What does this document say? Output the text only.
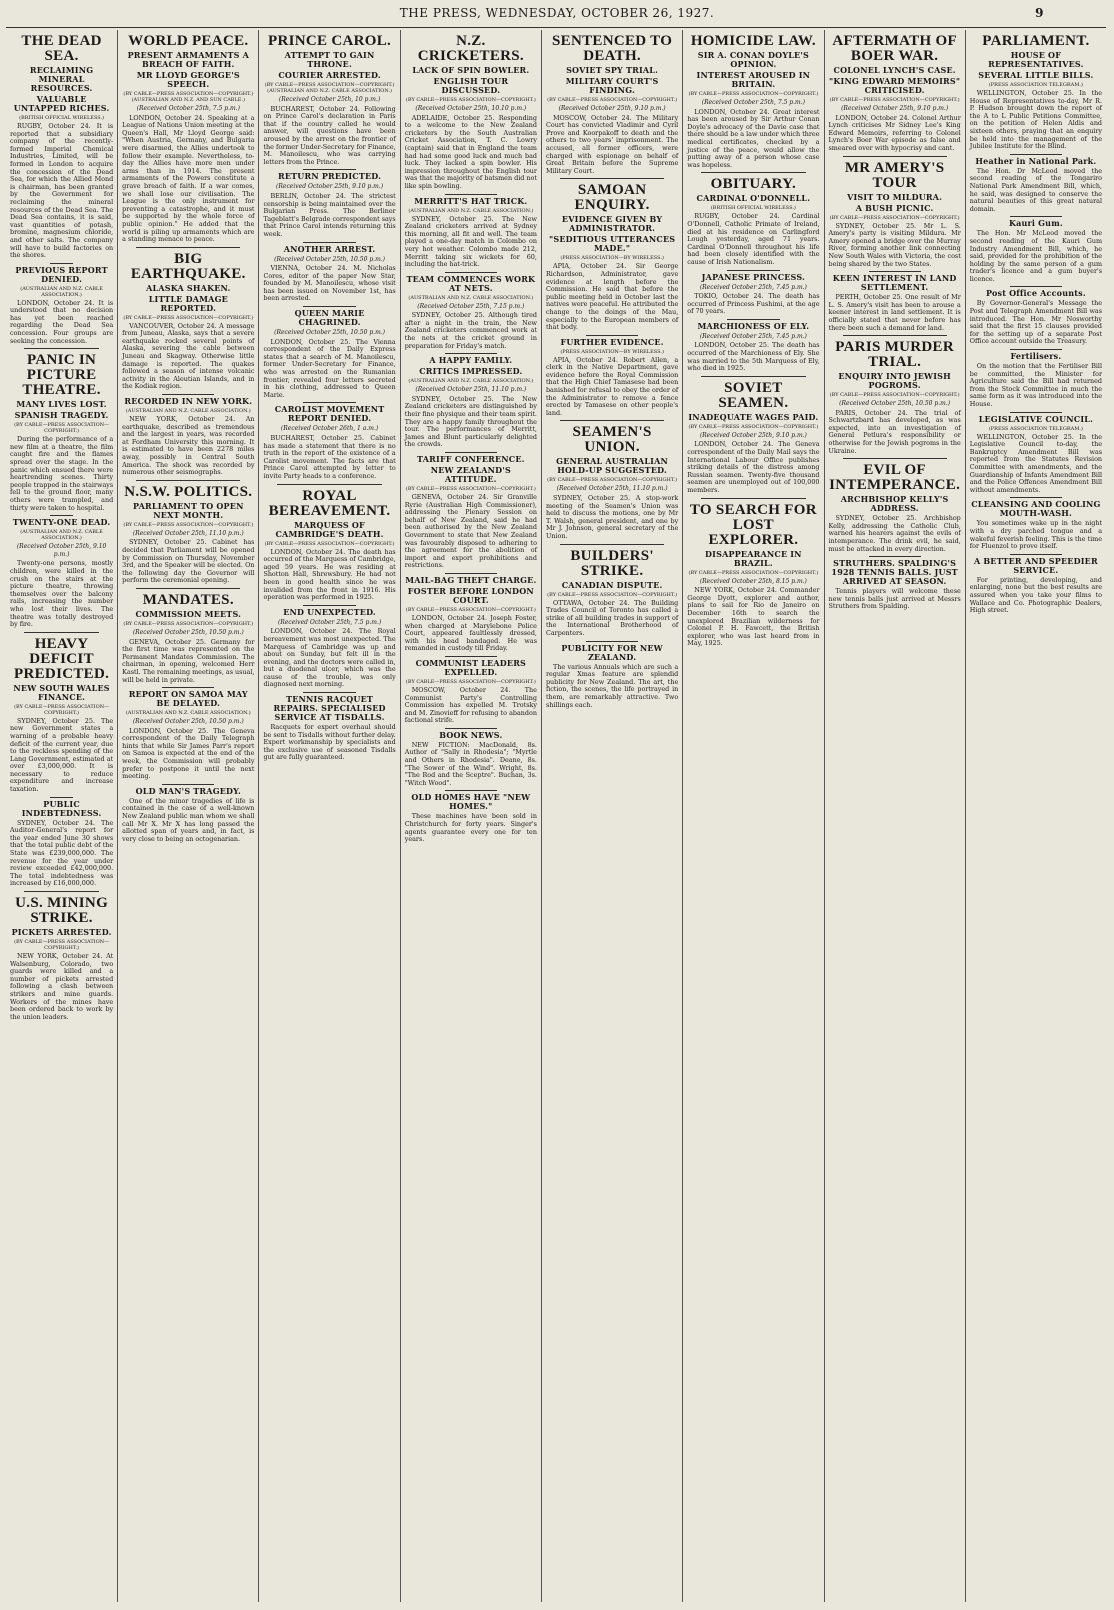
THE PRESS, WEDNESDAY, OCTOBER 26, 1927.	9
THE DEAD SEA.
RECLAIMING MINERAL RESOURCES.
VALUABLE UNTAPPED RICHES.
(BRITISH OFFICIAL WIRELESS.)

RUGBY, October 24. It is reported that a subsidiary company of the recently-formed Imperial Chemical Industries, Limited, will be formed in London to acquire the concession of the Dead Sea, for which the Allied Mond is chairman, has been granted by the Government for reclaiming the mineral resources of the Dead Sea. The Dead Sea contains, it is said, vast quantities of potash, bromine, magnesium chloride, and other salts. The company will have to build factories on the shores.

PREVIOUS REPORT DENIED.
(AUSTRALIAN AND N.Z. CABLE ASSOCIATION.)

LONDON, October 24. It is understood that no decision has yet been reached regarding the Dead Sea concession. Four groups are seeking the concession.

PANIC IN PICTURE THEATRE.
MANY LIVES LOST.
SPANISH TRAGEDY.
(BY CABLE—PRESS ASSOCIATION—COPYRIGHT.)

During the performance of a new film at a theatre, the film caught fire and the flames spread over the stage. In the panic which ensued there were heartrending scenes. Thirty people trapped in the stairways fell to the ground floor, many others were trampled, and thirty were taken to hospital.

TWENTY-ONE DEAD.
(AUSTRALIAN AND N.Z. CABLE ASSOCIATION.)
(Received October 25th, 9.10 p.m.)

Twenty-one persons, mostly children, were killed in the crush on the stairs at the picture theatre, throwing themselves over the balcony rails, increasing the number who lost their lives. The theatre was totally destroyed by fire.

HEAVY DEFICIT PREDICTED.
NEW SOUTH WALES FINANCE.
(BY CABLE—PRESS ASSOCIATION—COPYRIGHT.)

SYDNEY, October 25. The new Government states a warning of a probable heavy deficit of the current year, due to the reckless spending of the Lang Government, estimated at over £3,000,000. It is necessary to reduce expenditure and increase taxation.

PUBLIC INDEBTEDNESS.

SYDNEY, October 24. The Auditor-General's report for the year ended June 30 shows that the total public debt of the State was £239,000,000. The revenue for the year under review exceeded £42,000,000. The total indebtedness was increased by £16,000,000.

U.S. MINING STRIKE.
PICKETS ARRESTED.
(BY CABLE—PRESS ASSOCIATION—COPYRIGHT.)

NEW YORK, October 24. At Walsenburg, Colorado, two guards were killed and a number of pickets arrested following a clash between strikers and mine guards. Workers of the mines have been ordered back to work by the union leaders.

WORLD PEACE.
PRESENT ARMAMENTS A BREACH OF FAITH.
MR LLOYD GEORGE'S SPEECH.
(BY CABLE—PRESS ASSOCIATION—COPYRIGHT.) (AUSTRALIAN AND N.Z. AND SUN CABLE.)
(Received October 25th, 7.5 p.m.)

LONDON, October 24. Speaking at a League of Nations Union meeting at the Queen's Hall, Mr Lloyd George said: "When Austria, Germany, and Bulgaria were disarmed, the Allies undertook to follow their example. Nevertheless, to-day the Allies have more men under arms than in 1914. The present armaments of the Powers constitute a grave breach of faith. If a war comes, we shall lose our civilisation. The League is the only instrument for preventing a catastrophe, and it must be supported by the whole force of public opinion." He added that the world is piling up armaments which are a standing menace to peace.

BIG EARTHQUAKE.
ALASKA SHAKEN.
LITTLE DAMAGE REPORTED.
(BY CABLE—PRESS ASSOCIATION—COPYRIGHT.)

VANCOUVER, October 24. A message from Juneau, Alaska, says that a severe earthquake rocked several points of Alaska, severing the cable between Juneau and Skagway. Otherwise little damage is reported. The quakes followed a season of intense volcanic activity in the Aleutian Islands, and in the Kodiak region.

RECORDED IN NEW YORK.
(AUSTRALIAN AND N.Z. CABLE ASSOCIATION.)

NEW YORK, October 24. An earthquake, described as tremendous and the largest in years, was recorded at Fordham University this morning. It is estimated to have been 2278 miles away, possibly in Central South America. The shock was recorded by numerous other seismographs.

N.S.W. POLITICS.
PARLIAMENT TO OPEN NEXT MONTH.
(BY CABLE—PRESS ASSOCIATION—COPYRIGHT.)
(Received October 25th, 11.10 p.m.)

SYDNEY, October 25. Cabinet has decided that Parliament will be opened by Commission on Thursday, November 3rd, and the Speaker will be elected. On the following day the Governor will perform the ceremonial opening.

MANDATES.
COMMISSION MEETS.
(BY CABLE—PRESS ASSOCIATION—COPYRIGHT.)
(Received October 25th, 10.50 p.m.)

GENEVA, October 25. Germany for the first time was represented on the Permanent Mandates Commission. The chairman, in opening, welcomed Herr Kastl. The remaining meetings, as usual, will be held in private.

REPORT ON SAMOA MAY BE DELAYED.
(AUSTRALIAN AND N.Z. CABLE ASSOCIATION.)
(Received October 25th, 10.50 p.m.)

LONDON, October 25. The Geneva correspondent of the Daily Telegraph hints that while Sir James Parr's report on Samoa is expected at the end of the week, the Commission will probably prefer to postpone it until the next meeting.

OLD MAN'S TRAGEDY.

One of the minor tragedies of life is contained in the case of a well-known New Zealand public man whom we shall call Mr X. Mr X has long passed the allotted span of years and, in fact, is very close to being an octogenarian.

PRINCE CAROL.
ATTEMPT TO GAIN THRONE.
COURIER ARRESTED.
(BY CABLE—PRESS ASSOCIATION—COPYRIGHT.) (AUSTRALIAN AND N.Z. CABLE ASSOCIATION.)
(Received October 25th, 10 p.m.)

BUCHAREST, October 24. Following on Prince Carol's declaration in Paris that if the country called he would answer, will questions have been aroused by the arrest on the frontier of the former Under-Secretary for Finance, M. Manoilescu, who was carrying letters from the Prince.

RETURN PREDICTED.
(Received October 25th, 9.10 p.m.)

BERLIN, October 24. The strictest censorship is being maintained over the Bulgarian Press. The Berliner Tageblatt's Belgrade correspondent says that Prince Carol intends returning this week.

ANOTHER ARREST.
(Received October 25th, 10.50 p.m.)

VIENNA, October 24. M. Nicholas Cores, editor of the paper New Star, founded by M. Manoilescu, whose visit has been issued on November 1st, has been arrested.

QUEEN MARIE CHAGRINED.
(Received October 25th, 10.50 p.m.)

LONDON, October 25. The Vienna correspondent of the Daily Express states that a search of M. Manoilescu, former Under-Secretary for Finance, who was arrested on the Rumanian frontier, revealed four letters secreted in his clothing, addressed to Queen Marie.

CAROLIST MOVEMENT REPORT DENIED.
(Received October 26th, 1 a.m.)

BUCHAREST, October 25. Cabinet has made a statement that there is no truth in the report of the existence of a Carolist movement. The facts are that Prince Carol attempted by letter to invite Party heads to a conference.

ROYAL BEREAVEMENT.
MARQUESS OF CAMBRIDGE'S DEATH.
(BY CABLE—PRESS ASSOCIATION—COPYRIGHT.)

LONDON, October 24. The death has occurred of the Marquess of Cambridge, aged 59 years. He was residing at Shotton Hall, Shrewsbury. He had not been in good health since he was invalided from the front in 1916. His operation was performed in 1925.

END UNEXPECTED.
(Received October 25th, 7.5 p.m.)

LONDON, October 24. The Royal bereavement was most unexpected. The Marquess of Cambridge was up and about on Sunday, but felt ill in the evening, and the doctors were called in, but a duodenal ulcer, which was the cause of the trouble, was only diagnosed next morning.

TENNIS RACQUET REPAIRS. SPECIALISED SERVICE AT TISDALLS.

Racquets for expert overhaul should be sent to Tisdalls without further delay. Expert workmanship by specialists and the exclusive use of seasoned Tisdalls gut are fully guaranteed.

N.Z. CRICKETERS.
LACK OF SPIN BOWLER.
ENGLISH TOUR DISCUSSED.
(BY CABLE—PRESS ASSOCIATION—COPYRIGHT.)
(Received October 25th, 10.10 p.m.)

ADELAIDE, October 25. Responding to a welcome to the New Zealand cricketers by the South Australian Cricket Association, T. C. Lowry (captain) said that in England the team had had some good luck and much bad luck. They lacked a spin bowler. His impression throughout the English tour was that the majority of batsmen did not like spin bowling.

MERRITT'S HAT TRICK.
(AUSTRALIAN AND N.Z. CABLE ASSOCIATION.)

SYDNEY, October 25. The New Zealand cricketers arrived at Sydney this morning, all fit and well. The team played a one-day match in Colombo on very hot weather. Colombo made 212, Merritt taking six wickets for 60, including the hat-trick.

TEAM COMMENCES WORK AT NETS.
(AUSTRALIAN AND N.Z. CABLE ASSOCIATION.)
(Received October 25th, 7.15 p.m.)

SYDNEY, October 25. Although tired after a night in the train, the New Zealand cricketers commenced work at the nets at the cricket ground in preparation for Friday's match.

A HAPPY FAMILY.
CRITICS IMPRESSED.
(AUSTRALIAN AND N.Z. CABLE ASSOCIATION.)
(Received October 25th, 11.10 p.m.)

SYDNEY, October 25. The New Zealand cricketers are distinguished by their fine physique and their team spirit. They are a happy family throughout the tour. The performances of Merritt, James and Blunt particularly delighted the crowds.

TARIFF CONFERENCE.
NEW ZEALAND'S ATTITUDE.
(BY CABLE—PRESS ASSOCIATION—COPYRIGHT.)

GENEVA, October 24. Sir Granville Ryrie (Australian High Commissioner), addressing the Plenary Session on behalf of New Zealand, said he had been authorised by the New Zealand Government to state that New Zealand was favourably disposed to adhering to the agreement for the abolition of import and export prohibitions and restrictions.

MAIL-BAG THEFT CHARGE.
FOSTER BEFORE LONDON COURT.
(BY CABLE—PRESS ASSOCIATION—COPYRIGHT.)

LONDON, October 24. Joseph Foster, when charged at Marylebone Police Court, appeared faultlessly dressed, with his head bandaged. He was remanded in custody till Friday.

COMMUNIST LEADERS EXPELLED.
(BY CABLE—PRESS ASSOCIATION—COPYRIGHT.)

MOSCOW, October 24. The Communist Party's Controlling Commission has expelled M. Trotsky and M. Zinovieff for refusing to abandon factional strife.

BOOK NEWS.

NEW FICTION: MacDonald, 8s. Author of "Sally in Rhodesia"; "Myrtle and Others in Rhodesia". Deane, 8s. "The Sower of the Wind". Wright, 8s. "The Rod and the Sceptre". Buchan, 3s. "Witch Wood".

OLD HOMES HAVE "NEW HOMES."

These machines have been sold in Christchurch for forty years. Singer's agents guarantee every one for ten years.

SENTENCED TO DEATH.
SOVIET SPY TRIAL.
MILITARY COURT'S FINDING.
(BY CABLE—PRESS ASSOCIATION—COPYRIGHT.)
(Received October 25th, 9.10 p.m.)

MOSCOW, October 24. The Military Court has convicted Vladimir and Cyril Prove and Koorpakoff to death and the others to two years' imprisonment. The accused, all former officers, were charged with espionage on behalf of Great Britain before the Supreme Military Court.

SAMOAN ENQUIRY.
EVIDENCE GIVEN BY ADMINISTRATOR.
"SEDITIOUS UTTERANCES MADE."
(PRESS ASSOCIATION—BY WIRELESS.)

APIA, October 24. Sir George Richardson, Administrator, gave evidence at length before the Commission. He said that before the public meeting held in October last the natives were peaceful. He attributed the change to the doings of the Mau, especially to the European members of that body.

FURTHER EVIDENCE.
(PRESS ASSOCIATION—BY WIRELESS.)

APIA, October 24. Robert Allen, a clerk in the Native Department, gave evidence before the Royal Commission that the High Chief Tamasese had been banished for refusal to obey the order of the Administrator to remove a fence erected by Tamasese on other people's land.

SEAMEN'S UNION.
GENERAL AUSTRALIAN HOLD-UP SUGGESTED.
(BY CABLE—PRESS ASSOCIATION—COPYRIGHT.)
(Received October 25th, 11.10 p.m.)

SYDNEY, October 25. A stop-work meeting of the Seamen's Union was held to discuss the motions, one by Mr T. Walsh, general president, and one by Mr J. Johnson, general secretary of the Union.

BUILDERS' STRIKE.
CANADIAN DISPUTE.
(BY CABLE—PRESS ASSOCIATION—COPYRIGHT.)

OTTAWA, October 24. The Building Trades Council of Toronto has called a strike of all building trades in support of the International Brotherhood of Carpenters.

PUBLICITY FOR NEW ZEALAND.

The various Annuals which are such a regular Xmas feature are splendid publicity for New Zealand. The art, the fiction, the scenes, the life portrayed in them, are remarkably attractive. Two shillings each.

HOMICIDE LAW.
SIR A. CONAN DOYLE'S OPINION.
INTEREST AROUSED IN BRITAIN.
(BY CABLE—PRESS ASSOCIATION—COPYRIGHT.)
(Received October 25th, 7.5 p.m.)

LONDON, October 24. Great interest has been aroused by Sir Arthur Conan Doyle's advocacy of the Davie case that there should be a law under which three medical certificates, checked by a justice of the peace, would allow the putting away of a person whose case was hopeless.

OBITUARY.
CARDINAL O'DONNELL.
(BRITISH OFFICIAL WIRELESS.)

RUGBY, October 24. Cardinal O'Donnell, Catholic Primate of Ireland, died at his residence on Carlingford Lough yesterday, aged 71 years. Cardinal O'Donnell throughout his life had been closely identified with the cause of Irish Nationalism.

JAPANESE PRINCESS.
(Received October 25th, 7.45 p.m.)

TOKIO, October 24. The death has occurred of Princess Fushimi, at the age of 70 years.

MARCHIONESS OF ELY.
(Received October 25th, 7.45 p.m.)

LONDON, October 25. The death has occurred of the Marchioness of Ely. She was married to the 5th Marquess of Ely, who died in 1925.

SOVIET SEAMEN.
INADEQUATE WAGES PAID.
(BY CABLE—PRESS ASSOCIATION—COPYRIGHT.)
(Received October 25th, 9.10 p.m.)

LONDON, October 24. The Geneva correspondent of the Daily Mail says the International Labour Office publishes striking details of the distress among Russian seamen. Twenty-five thousand seamen are unemployed out of 100,000 members.

TO SEARCH FOR LOST EXPLORER.
DISAPPEARANCE IN BRAZIL.
(BY CABLE—PRESS ASSOCIATION—COPYRIGHT.)
(Received October 25th, 8.15 p.m.)

NEW YORK, October 24. Commander George Dyott, explorer and author, plans to sail for Rio de Janeiro on December 16th to search the unexplored Brazilian wilderness for Colonel P. H. Fawcett, the British explorer, who was last heard from in May, 1925.

AFTERMATH OF BOER WAR.
COLONEL LYNCH'S CASE.
"KING EDWARD MEMOIRS" CRITICISED.
(BY CABLE—PRESS ASSOCIATION—COPYRIGHT.)
(Received October 25th, 9.10 p.m.)

LONDON, October 24. Colonel Arthur Lynch criticises Mr Sidney Lee's King Edward Memoirs, referring to Colonel Lynch's Boer War episode as false and smeared over with hypocrisy and cant.

MR AMERY'S TOUR
VISIT TO MILDURA.
A BUSH PICNIC.
(BY CABLE—PRESS ASSOCIATION—COPYRIGHT.)

SYDNEY, October 25. Mr L. S. Amery's party is visiting Mildura. Mr Amery opened a bridge over the Murray River, forming another link connecting New South Wales with Victoria, the cost being shared by the two States.

KEEN INTEREST IN LAND SETTLEMENT.

PERTH, October 25. One result of Mr L. S. Amery's visit has been to arouse a keener interest in land settlement. It is officially stated that never before has there been such a demand for land.

PARIS MURDER TRIAL.
ENQUIRY INTO JEWISH POGROMS.
(BY CABLE—PRESS ASSOCIATION—COPYRIGHT.)
(Received October 25th, 10.50 p.m.)

PARIS, October 24. The trial of Schwartzbard has developed, as was expected, into an investigation of General Petlura's responsibility or otherwise for the Jewish pogroms in the Ukraine.

EVIL OF INTEMPERANCE.
ARCHBISHOP KELLY'S ADDRESS.

SYDNEY, October 25. Archbishop Kelly, addressing the Catholic Club, warned his hearers against the evils of intemperance. The drink evil, he said, must be attacked in every direction.

STRUTHERS. SPALDING'S 1928 TENNIS BALLS. JUST ARRIVED AT SEASON.

Tennis players will welcome these new tennis balls just arrived at Messrs Struthers from Spalding.

PARLIAMENT.
HOUSE OF REPRESENTATIVES.
SEVERAL LITTLE BILLS.
(PRESS ASSOCIATION TELEGRAM.)

WELLINGTON, October 25. In the House of Representatives to-day, Mr R. P. Hudson brought down the report of the A to L Public Petitions Committee, on the petition of Helen Aldis and sixteen others, praying that an enquiry be held into the management of the Jubilee Institute for the Blind.

Heather in National Park.

The Hon. Dr McLeod moved the second reading of the Tongariro National Park Amendment Bill, which, he said, was designed to conserve the natural beauties of this great natural domain.

Kauri Gum.

The Hon. Mr McLeod moved the second reading of the Kauri Gum Industry Amendment Bill, which, he said, provided for the prohibition of the holding by the same person of a gum trader's licence and a gum buyer's licence.

Post Office Accounts.

By Governor-General's Message the Post and Telegraph Amendment Bill was introduced. The Hon. Mr Nosworthy said that the first 15 clauses provided for the setting up of a separate Post Office account outside the Treasury.

Fertilisers.

On the motion that the Fertiliser Bill be committed, the Minister for Agriculture said the Bill had returned from the Stock Committee in much the same form as it was introduced into the House.

LEGISLATIVE COUNCIL.
(PRESS ASSOCIATION TELEGRAM.)

WELLINGTON, October 25. In the Legislative Council to-day, the Bankruptcy Amendment Bill was reported from the Statutes Revision Committee with amendments, and the Guardianship of Infants Amendment Bill and the Police Offences Amendment Bill without amendments.

CLEANSING AND COOLING MOUTH-WASH.

You sometimes wake up in the night with a dry parched tongue and a wakeful feverish feeling. This is the time for Fluenzol to prove itself.

A BETTER AND SPEEDIER SERVICE.

For printing, developing, and enlarging, none but the best results are assured when you take your films to Wallace and Co. Photographic Dealers, High street.
